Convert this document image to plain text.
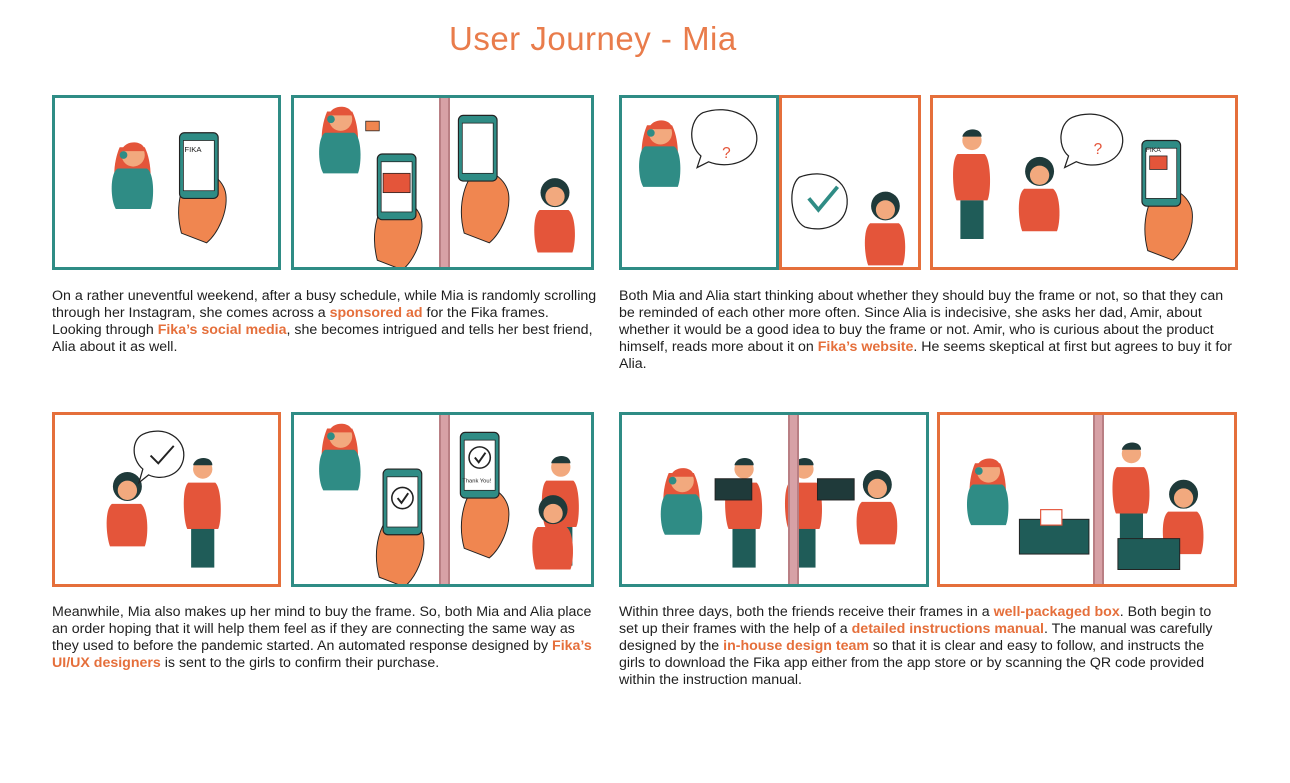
User Journey - Mia
FIKA	?	?	FIKA
On a rather uneventful weekend, after a busy schedule, while Mia is randomly scrolling through her Instagram, she comes across a sponsored ad for the Fika frames. Looking through Fika’s social media, she becomes intrigued and tells her best friend, Alia about it as well.
Both Mia and Alia start thinking about whether they should buy the frame or not, so that they can be reminded of each other more often. Since Alia is indecisive, she asks her dad, Amir, about whether it would be a good idea to buy the frame or not. Amir, who is curious about the product himself, reads more about it on Fika’s website. He seems skeptical at first but agrees to buy it for Alia.
Thank You!
Meanwhile, Mia also makes up her mind to buy the frame. So, both Mia and Alia place an order hoping that it will help them feel as if they are connecting the same way as they used to before the pandemic started. An automated response designed by Fika’s UI/UX designers is sent to the girls to confirm their purchase.
Within three days, both the friends receive their frames in a well-packaged box. Both begin to set up their frames with the help of a detailed instructions manual. The manual was carefully designed by the in-house design team so that it is clear and easy to follow, and instructs the girls to download the Fika app either from the app store or by scanning the QR code provided within the instruction manual.
